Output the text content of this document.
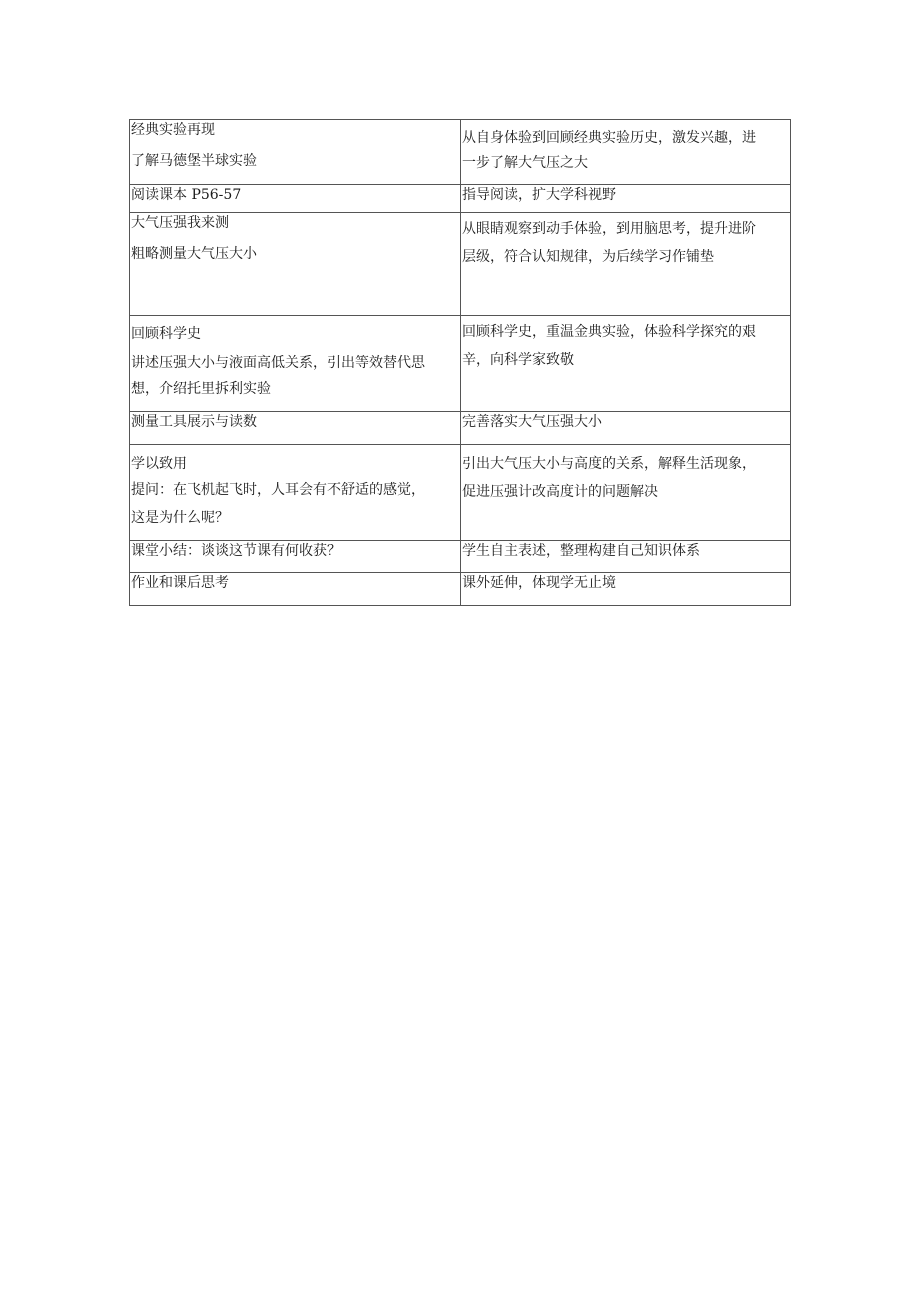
经典实验再现
了解马德堡半球实验	从自身体验到回顾经典实验历史，激发兴趣，进
一步了解大气压之大

阅读课本 P56-57	指导阅读，扩大学科视野

大气压强我来测
粗略测量大气压大小	从眼睛观察到动手体验，到用脑思考，提升进阶
层级，符合认知规律，为后续学习作铺垫

回顾科学史
讲述压强大小与液面高低关系，引出等效替代思
想，介绍托里拆利实验	回顾科学史，重温金典实验，体验科学探究的艰
辛，向科学家致敬

测量工具展示与读数	完善落实大气压强大小

学以致用
提问：在飞机起飞时，人耳会有不舒适的感觉，
这是为什么呢？	引出大气压大小与高度的关系，解释生活现象，
促进压强计改高度计的问题解决

课堂小结：谈谈这节课有何收获？	学生自主表述，整理构建自己知识体系

作业和课后思考	课外延伸，体现学无止境
